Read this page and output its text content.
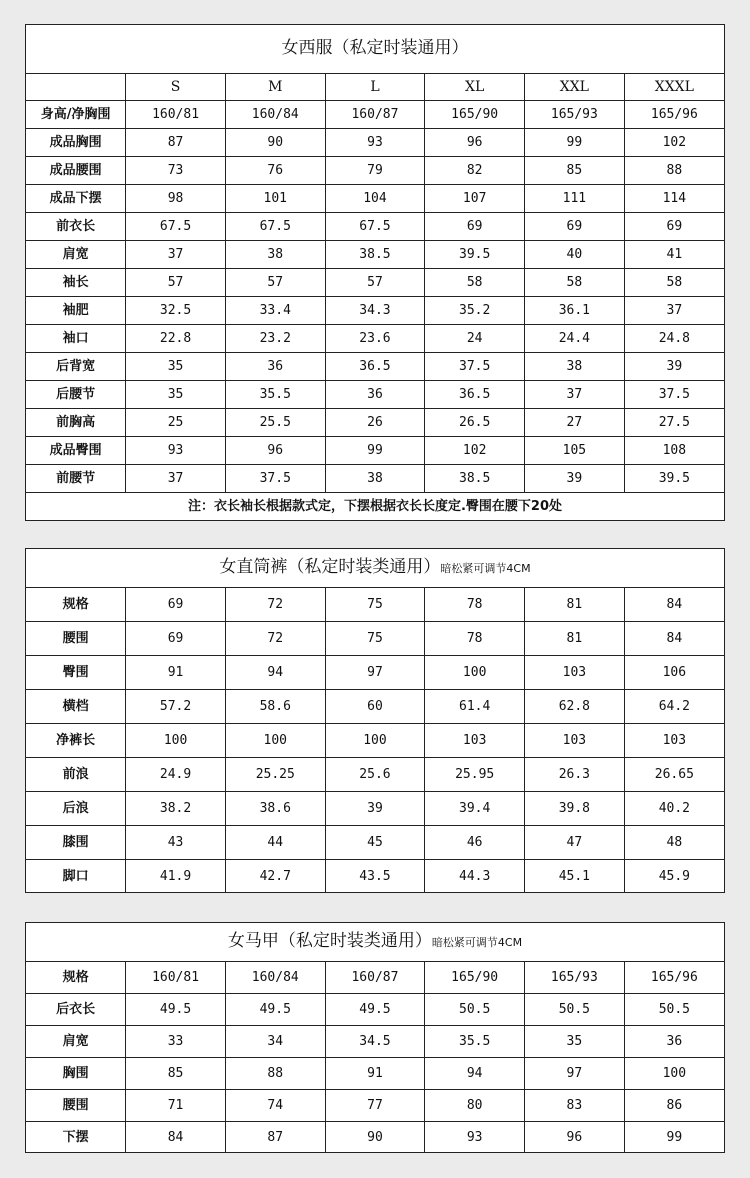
女西服（私定时装通用）						
	S	M	L	XL	XXL	XXXL
身高/净胸围	160/81	160/84	160/87	165/90	165/93	165/96
成品胸围	87	90	93	96	99	102
成品腰围	73	76	79	82	85	88
成品下摆	98	101	104	107	111	114
前衣长	67.5	67.5	67.5	69	69	69
肩宽	37	38	38.5	39.5	40	41
袖长	57	57	57	58	58	58
袖肥	32.5	33.4	34.3	35.2	36.1	37
袖口	22.8	23.2	23.6	24	24.4	24.8
后背宽	35	36	36.5	37.5	38	39
后腰节	35	35.5	36	36.5	37	37.5
前胸高	25	25.5	26	26.5	27	27.5
成品臀围	93	96	99	102	105	108
前腰节	37	37.5	38	38.5	39	39.5
注：衣长袖长根据款式定，下摆根据衣长长度定.臀围在腰下20处						
女直筒裤（私定时装类通用）暗松紧可调节4CM						
规格	69	72	75	78	81	84
腰围	69	72	75	78	81	84
臀围	91	94	97	100	103	106
横档	57.2	58.6	60	61.4	62.8	64.2
净裤长	100	100	100	103	103	103
前浪	24.9	25.25	25.6	25.95	26.3	26.65
后浪	38.2	38.6	39	39.4	39.8	40.2
膝围	43	44	45	46	47	48
脚口	41.9	42.7	43.5	44.3	45.1	45.9
女马甲（私定时装类通用）暗松紧可调节4CM						
规格	160/81	160/84	160/87	165/90	165/93	165/96
后衣长	49.5	49.5	49.5	50.5	50.5	50.5
肩宽	33	34	34.5	35.5	35	36
胸围	85	88	91	94	97	100
腰围	71	74	77	80	83	86
下摆	84	87	90	93	96	99
